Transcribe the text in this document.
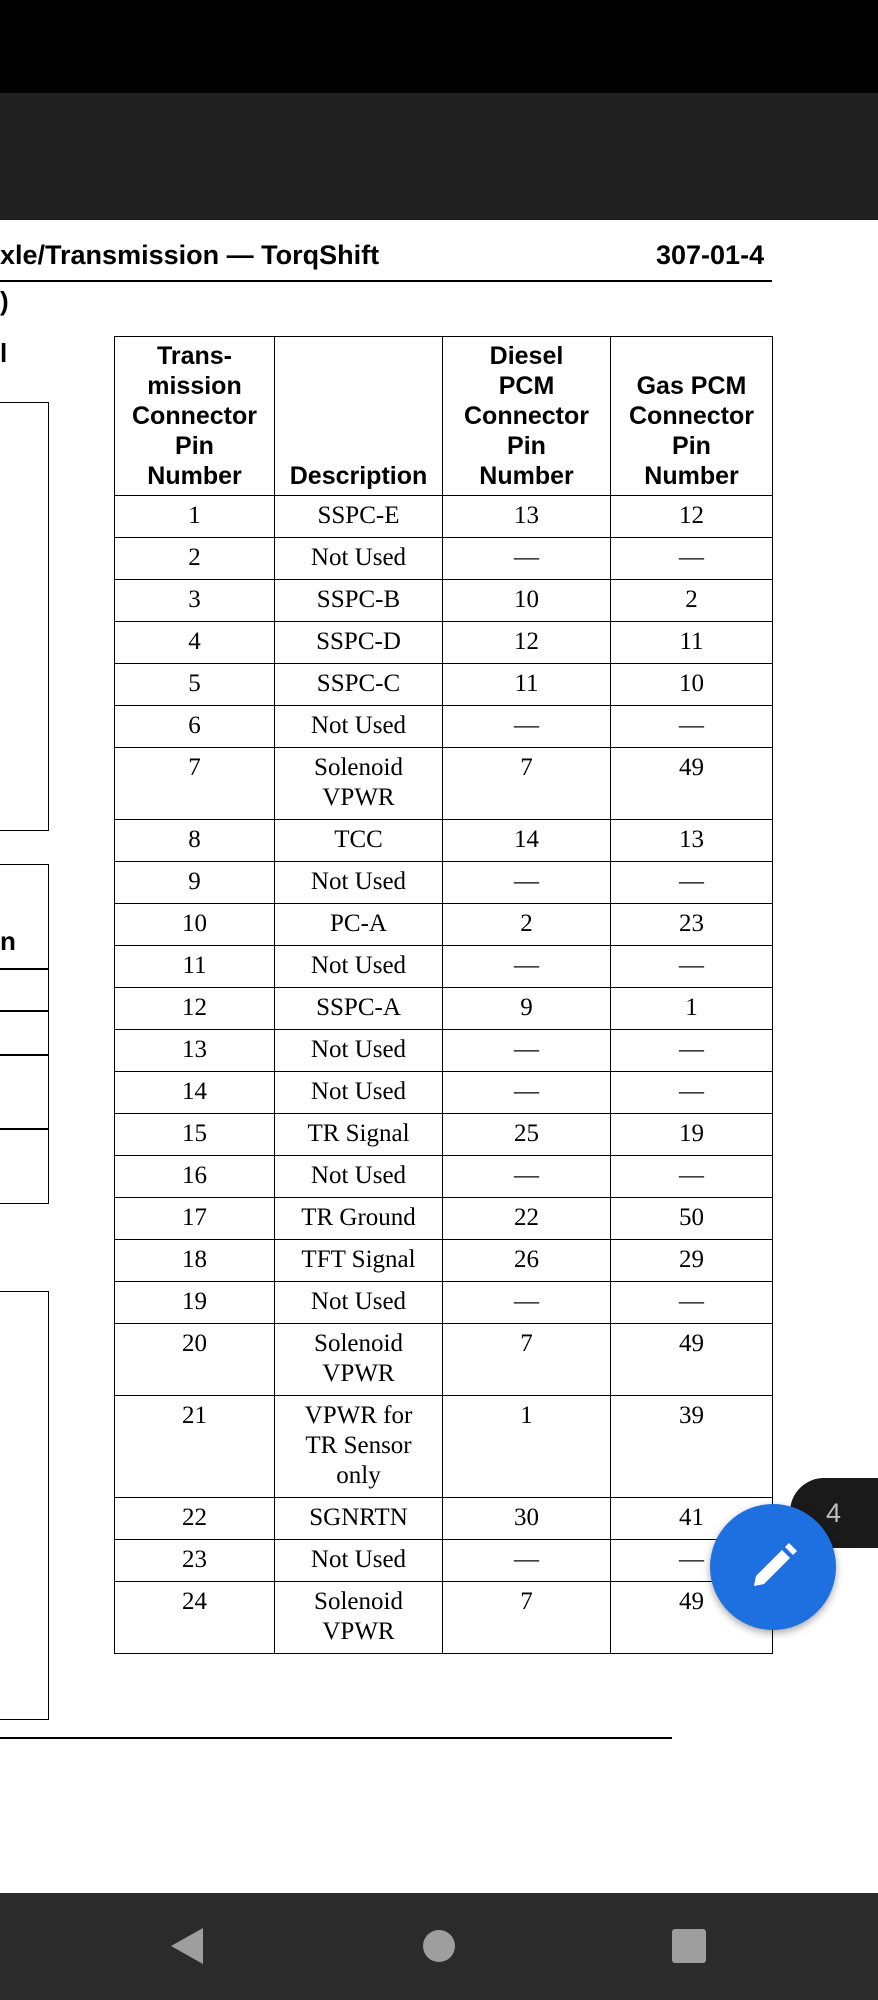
xle/Transmission — TorqShift	307-01-4
)
l
n
Trans-
mission
Connector
Pin
Number	Description	Diesel
PCM
Connector
Pin
Number	Gas PCM
Connector
Pin
Number
1	SSPC-E	13	12
2	Not Used	—	—
3	SSPC-B	10	2
4	SSPC-D	12	11
5	SSPC-C	11	10
6	Not Used	—	—
7	Solenoid
VPWR	7	49
8	TCC	14	13
9	Not Used	—	—
10	PC-A	2	23
11	Not Used	—	—
12	SSPC-A	9	1
13	Not Used	—	—
14	Not Used	—	—
15	TR Signal	25	19
16	Not Used	—	—
17	TR Ground	22	50
18	TFT Signal	26	29
19	Not Used	—	—
20	Solenoid
VPWR	7	49
21	VPWR for
TR Sensor
only	1	39
22	SGNRTN	30	41
23	Not Used	—	—
24	Solenoid
VPWR	7	49
4
